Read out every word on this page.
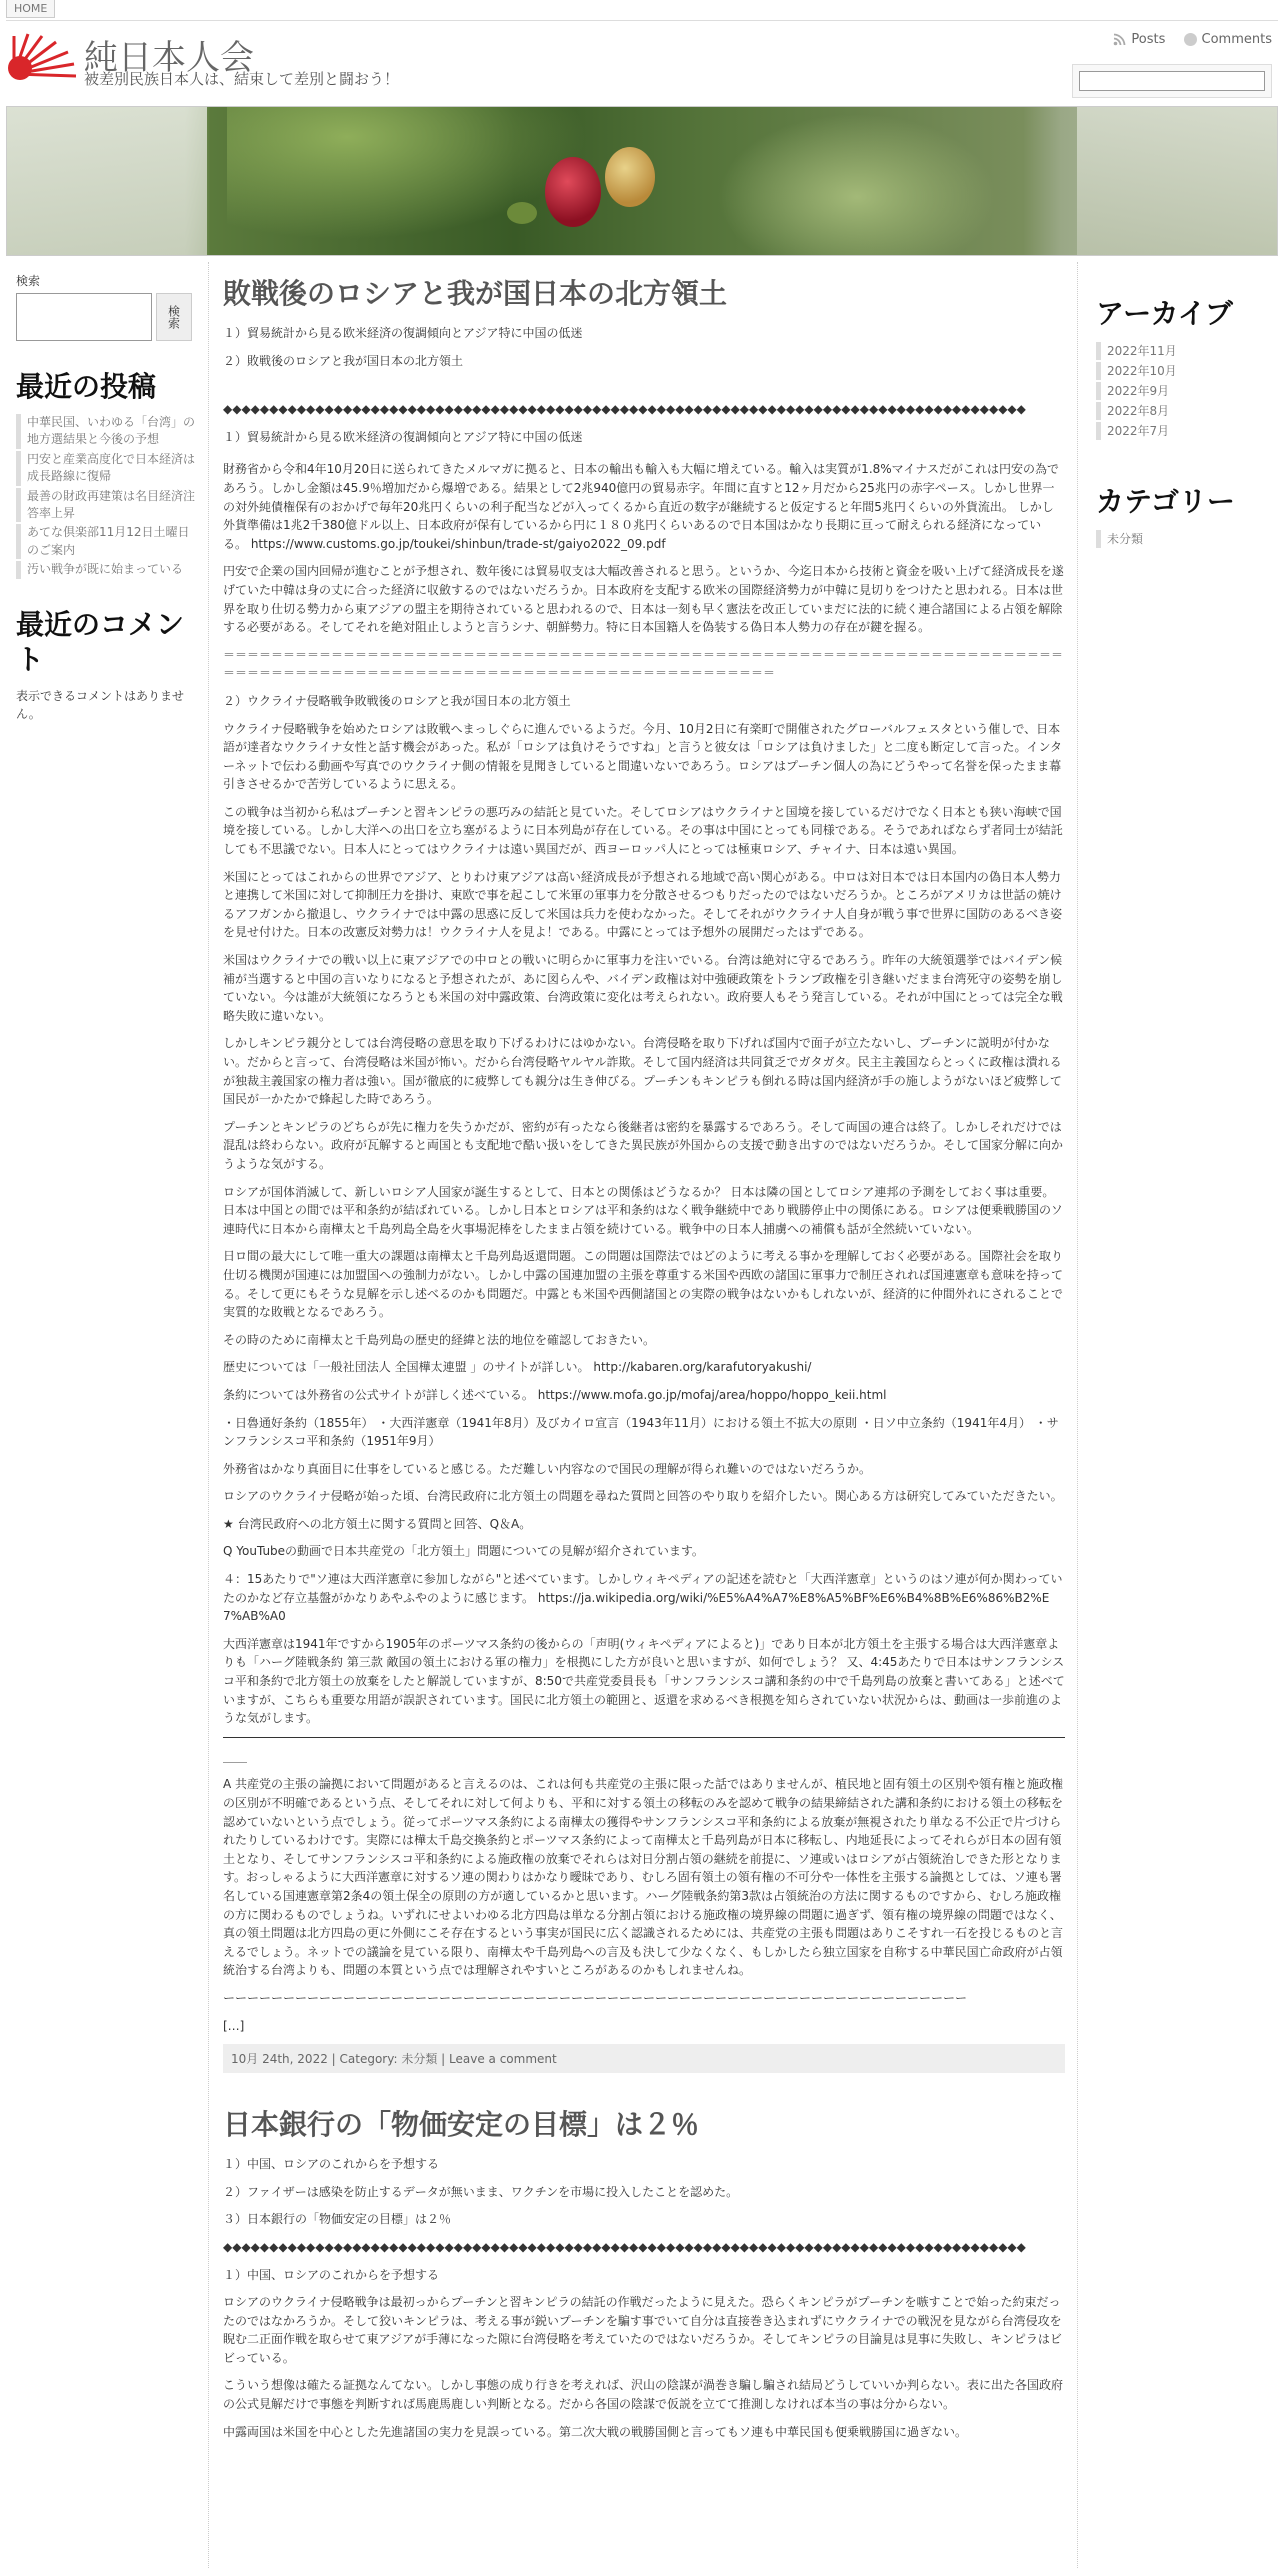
HOME
純日本人会
被差別民族日本人は、結束して差別と闘おう！
Posts
	Comments
検索
検索
最近の投稿
中華民国、いわゆる「台湾」の地方選結果と今後の予想
円安と産業高度化で日本経済は成長路線に復帰
最善の財政再建策は名目経済注答率上昇
あてな倶楽部11月12日土曜日のご案内
汚い戦争が既に始まっている
最近のコメント
表示できるコメントはありません。
敗戦後のロシアと我が国日本の北方領土

１）貿易統計から見る欧米経済の復調傾向とアジア特に中国の低迷

２）敗戦後のロシアと我が国日本の北方領土

◆◆◆◆◆◆◆◆◆◆◆◆◆◆◆◆◆◆◆◆◆◆◆◆◆◆◆◆◆◆◆◆◆◆◆◆◆◆◆◆◆◆◆◆◆◆◆◆◆◆◆◆◆◆◆◆◆◆◆◆◆◆◆◆◆◆◆◆◆◆◆◆◆◆◆◆◆◆◆◆◆◆◆◆◆◆◆

１）貿易統計から見る欧米経済の復調傾向とアジア特に中国の低迷

財務省から令和4年10月20日に送られてきたメルマガに拠ると、日本の輸出も輸入も大幅に増えている。輸入は実質が1.8%マイナスだがこれは円安の為であろう。しかし金額は45.9％増加だから爆増である。結果として2兆940億円の貿易赤字。年間に直すと12ヶ月だから25兆円の赤字ペース。しかし世界一の対外純債権保有のおかげで毎年20兆円くらいの利子配当などが入ってくるから直近の数字が継続すると仮定すると年間5兆円くらいの外貨流出。 しかし外貨準備は1兆2千380億ドル以上、日本政府が保有しているから円に１８０兆円くらいあるので日本国はかなり長期に亘って耐えられる経済になっている。 https://www.customs.go.jp/toukei/shinbun/trade-st/gaiyo2022_09.pdf

円安で企業の国内回帰が進むことが予想され、数年後には貿易収支は大幅改善されると思う。というか、今迄日本から技術と資金を吸い上げて経済成長を遂げていた中韓は身の丈に合った経済に収斂するのではないだろうか。日本政府を支配する欧米の国際経済勢力が中韓に見切りをつけたと思われる。日本は世界を取り仕切る勢力から東アジアの盟主を期待されていると思われるので、日本は一刻も早く憲法を改正していまだに法的に続く連合諸国による占領を解除する必要がある。そしてそれを絶対阻止しようと言うシナ、朝鮮勢力。特に日本国籍人を偽装する偽日本人勢力の存在が鍵を握る。

＝＝＝＝＝＝＝＝＝＝＝＝＝＝＝＝＝＝＝＝＝＝＝＝＝＝＝＝＝＝＝＝＝＝＝＝＝＝＝＝＝＝＝＝＝＝＝＝＝＝＝＝＝＝＝＝＝＝＝＝＝＝＝＝＝＝＝＝＝＝＝＝＝＝＝＝＝＝＝＝＝＝＝＝＝＝＝＝＝＝＝＝＝＝＝＝＝＝＝＝＝＝＝＝＝＝＝＝＝＝＝＝＝＝＝＝

２）ウクライナ侵略戦争敗戦後のロシアと我が国日本の北方領土

ウクライナ侵略戦争を始めたロシアは敗戦へまっしぐらに進んでいるようだ。今月、10月2日に有楽町で開催されたグローバルフェスタという催しで、日本語が達者なウクライナ女性と話す機会があった。私が「ロシアは負けそうですね」と言うと彼女は「ロシアは負けました」と二度も断定して言った。インターネットで伝わる動画や写真でのウクライナ側の情報を見聞きしていると間違いないであろう。ロシアはプーチン個人の為にどうやって名誉を保ったまま幕引きさせるかで苦労しているように思える。

この戦争は当初から私はプーチンと習キンピラの悪巧みの結託と見ていた。そしてロシアはウクライナと国境を接しているだけでなく日本とも狭い海峡で国境を接している。しかし大洋への出口を立ち塞がるように日本列島が存在している。その事は中国にとっても同様である。そうであればならず者同士が結託しても不思議でない。日本人にとってはウクライナは遠い異国だが、西ヨーロッパ人にとっては極東ロシア、チャイナ、日本は遠い異国。

米国にとってはこれからの世界でアジア、とりわけ東アジアは高い経済成長が予想される地域で高い関心がある。中ロは対日本では日本国内の偽日本人勢力と連携して米国に対して抑制圧力を掛け、東欧で事を起こして米軍の軍事力を分散させるつもりだったのではないだろうか。ところがアメリカは世話の焼けるアフガンから撤退し、ウクライナでは中露の思惑に反して米国は兵力を使わなかった。そしてそれがウクライナ人自身が戦う事で世界に国防のあるべき姿を見せ付けた。日本の改憲反対勢力は！ウクライナ人を見よ！である。中露にとっては予想外の展開だったはずである。

米国はウクライナでの戦い以上に東アジアでの中ロとの戦いに明らかに軍事力を注いでいる。台湾は絶対に守るであろう。昨年の大統領選挙ではバイデン候補が当選すると中国の言いなりになると予想されたが、あに図らんや、バイデン政権は対中強硬政策をトランプ政権を引き継いだまま台湾死守の姿勢を崩していない。今は誰が大統領になろうとも米国の対中露政策、台湾政策に変化は考えられない。政府要人もそう発言している。それが中国にとっては完全な戦略失敗に違いない。

しかしキンピラ親分としては台湾侵略の意思を取り下げるわけにはゆかない。台湾侵略を取り下げれば国内で面子が立たないし、プーチンに説明が付かない。だからと言って、台湾侵略は米国が怖い。だから台湾侵略ヤルヤル詐欺。そして国内経済は共同貧乏でガタガタ。民主主義国ならとっくに政権は潰れるが独裁主義国家の権力者は強い。国が徹底的に疲弊しても親分は生き伸びる。プーチンもキンピラも倒れる時は国内経済が手の施しようがないほど疲弊して国民が一かたかで蜂起した時であろう。

プーチンとキンピラのどちらが先に権力を失うかだが、密約が有ったなら後継者は密約を暴露するであろう。そして両国の連合は終了。しかしそれだけでは混乱は終わらない。政府が瓦解すると両国とも支配地で酷い扱いをしてきた異民族が外国からの支援で動き出すのではないだろうか。そして国家分解に向かうような気がする。

ロシアが国体消滅して、新しいロシア人国家が誕生するとして、日本との関係はどうなるか？ 日本は隣の国としてロシア連邦の予測をしておく事は重要。 日本は中国との間では平和条約が結ばれている。しかし日本とロシアは平和条約はなく戦争継続中であり戦勝停止中の関係にある。ロシアは便乗戦勝国のソ連時代に日本から南樺太と千島列島全島を火事場泥棒をしたまま占領を続けている。戦争中の日本人捕虜への補償も話が全然続いていない。

日ロ間の最大にして唯一重大の課題は南樺太と千島列島返還問題。この問題は国際法ではどのように考える事かを理解しておく必要がある。国際社会を取り仕切る機関が国連には加盟国への強制力がない。しかし中露の国連加盟の主張を尊重する米国や西欧の諸国に軍事力で制圧されれば国連憲章も意味を持ってる。そして更にもそうな見解を示し述べるのかも問題だ。中露とも米国や西側諸国との実際の戦争はないかもしれないが、経済的に仲間外れにされることで実質的な敗戦となるであろう。

その時のために南樺太と千島列島の歴史的経緯と法的地位を確認しておきたい。

歴史については「一般社団法人 全国樺太連盟 」のサイトが詳しい。 http://kabaren.org/karafutoryakushi/

条約については外務省の公式サイトが詳しく述べている。 https://www.mofa.go.jp/mofaj/area/hoppo/hoppo_keii.html

・日魯通好条約（1855年） ・大西洋憲章（1941年8月）及びカイロ宣言（1943年11月）における領土不拡大の原則 ・日ソ中立条約（1941年4月） ・サンフランシスコ平和条約（1951年9月）

外務省はかなり真面目に仕事をしていると感じる。ただ難しい内容なので国民の理解が得られ難いのではないだろうか。

ロシアのウクライナ侵略が始った頃、台湾民政府に北方領土の問題を尋ねた質問と回答のやり取りを紹介したい。関心ある方は研究してみていただきたい。

★ 台湾民政府への北方領土に関する質問と回答、Q＆A。

Q YouTubeの動画で日本共産党の「北方領土」問題についての見解が紹介されています。

４：15あたりで"ソ連は大西洋憲章に参加しながら"と述べています。しかしウィキペディアの記述を読むと「大西洋憲章」というのはソ連が何か関わっていたのかなど存立基盤がかなりあやふやのように感じます。 https://ja.wikipedia.org/wiki/%E5%A4%A7%E8%A5%BF%E6%B4%8B%E6%86%B2%E7%AB%A0

大西洋憲章は1941年ですから1905年のポーツマス条約の後からの「声明(ウィキペディアによると)」であり日本が北方領土を主張する場合は大西洋憲章よりも「ハーグ陸戦条約 第三款 敵国の領土における軍の権力」を根拠にした方が良いと思いますが、如何でしょう？ 又、4:45あたりで日本はサンフランシスコ平和条約で北方領土の放棄をしたと解説していますが、8:50で共産党委員長も「サンフランシスコ講和条約の中で千島列島の放棄と書いてある」と述べていますが、こちらも重要な用語が誤訳されています。国民に北方領土の範囲と、返還を求めるべき根拠を知らされていない状況からは、動画は一歩前進のような気がします。

＿＿

A 共産党の主張の論拠において問題があると言えるのは、これは何も共産党の主張に限った話ではありませんが、植民地と固有領土の区別や領有権と施政権の区別が不明確であるという点、そしてそれに対して何よりも、平和に対する領土の移転のみを認めて戦争の結果締結された講和条約における領土の移転を認めていないという点でしょう。従ってポーツマス条約による南樺太の獲得やサンフランシスコ平和条約による放棄が無視されたり単なる不公正で片づけられたりしているわけです。実際には樺太千島交換条約とポーツマス条約によって南樺太と千島列島が日本に移転し、内地延長によってそれらが日本の固有領土となり、そしてサンフランシスコ平和条約による施政権の放棄でそれらは対日分割占領の継続を前提に、ソ連或いはロシアが占領統治しできた形となります。おっしゃるように大西洋憲章に対するソ連の関わりはかなり曖昧であり、むしろ固有領土の領有権の不可分や一体性を主張する論拠としては、ソ連も署名している国連憲章第2条4の領土保全の原則の方が適しているかと思います。ハーグ陸戦条約第3款は占領統治の方法に関するものですから、むしろ施政権の方に関わるものでしょうね。いずれにせよいわゆる北方四島は単なる分割占領における施政権の境界線の問題に過ぎず、領有権の境界線の問題ではなく、真の領土問題は北方四島の更に外側にこそ存在するという事実が国民に広く認識されるためには、共産党の主張も問題はありこそすれ一石を投じるものと言えるでしょう。ネットでの議論を見ている限り、南樺太や千島列島への言及も決して少なくなく、もしかしたら独立国家を自称する中華民国亡命政府が占領統治する台湾よりも、問題の本質という点では理解されやすいところがあるのかもしれませんね。

ーーーーーーーーーーーーーーーーーーーーーーーーーーーーーーーーーーーーーーーーーーーーーーーーーーーーーーーーーーーーーー

[…]

10月 24th, 2022 | Category: 未分類 | Leave a comment
日本銀行の「物価安定の目標」は２％

１）中国、ロシアのこれからを予想する

２）ファイザーは感染を防止するデータが無いまま、ワクチンを市場に投入したことを認めた。

３）日本銀行の「物価安定の目標」は２％

◆◆◆◆◆◆◆◆◆◆◆◆◆◆◆◆◆◆◆◆◆◆◆◆◆◆◆◆◆◆◆◆◆◆◆◆◆◆◆◆◆◆◆◆◆◆◆◆◆◆◆◆◆◆◆◆◆◆◆◆◆◆◆◆◆◆◆◆◆◆◆◆◆◆◆◆◆◆◆◆◆◆◆◆◆◆◆

１）中国、ロシアのこれからを予想する

ロシアのウクライナ侵略戦争は最初っからプーチンと習キンピラの結託の作戦だったように見えた。恐らくキンピラがプーチンを嗾すことで始った約束だったのではなかろうか。そして狡いキンピラは、考える事が鋭いプーチンを騙す事でいて自分は直接巻き込まれずにウクライナでの戦況を見ながら台湾侵攻を睨む二正面作戦を取らせて東アジアが手薄になった隙に台湾侵略を考えていたのではないだろうか。そしてキンピラの目論見は見事に失敗し、キンピラはビビっている。

こういう想像は確たる証拠なんてない。しかし事態の成り行きを考えれば、沢山の陰謀が渦巻き騙し騙され結局どうしていいか判らない。表に出た各国政府の公式見解だけで事態を判断すれば馬鹿馬鹿しい判断となる。だから各国の陰謀で仮説を立てて推測しなければ本当の事は分からない。

中露両国は米国を中心とした先進諸国の実力を見誤っている。第二次大戦の戦勝国側と言ってもソ連も中華民国も便乗戦勝国に過ぎない。

アーカイブ
2022年11月
2022年10月
2022年9月
2022年8月
2022年7月
カテゴリー
未分類
